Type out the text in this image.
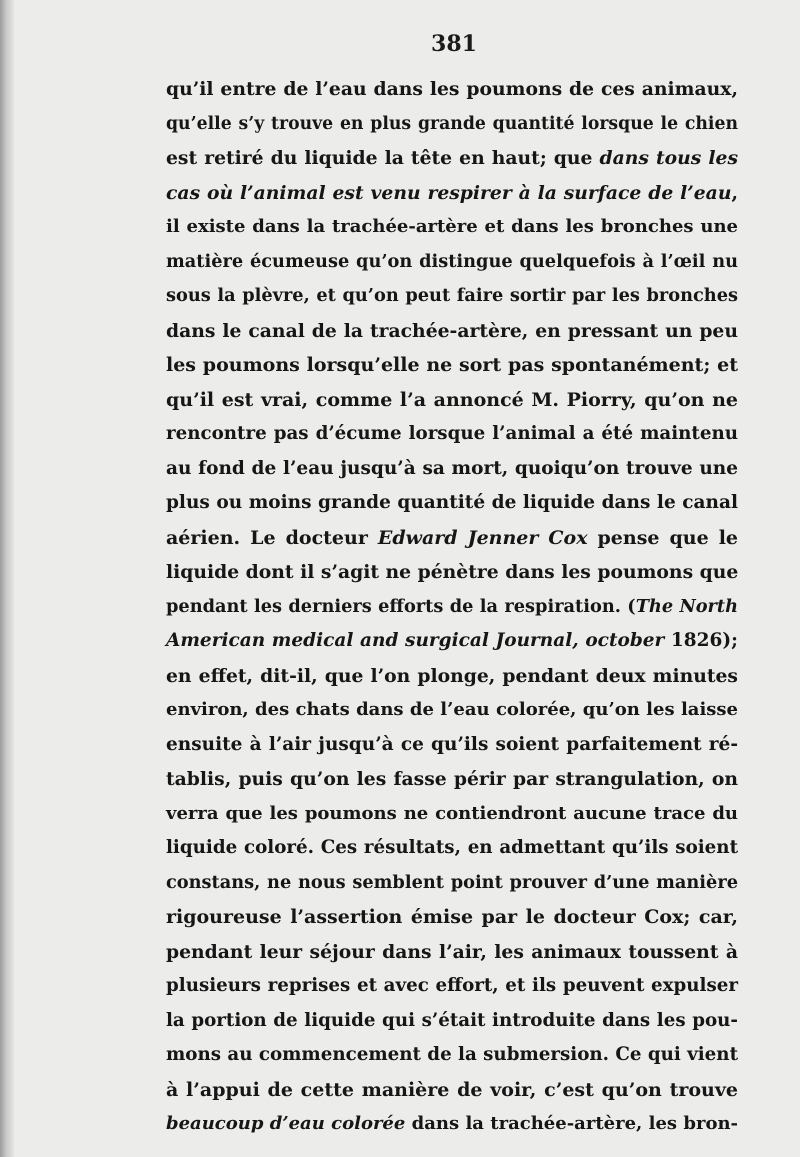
381
qu’il entre de l’eau dans les poumons de ces animaux,
qu’elle s’y trouve en plus grande quantité lorsque le chien
est retiré du liquide la tête en haut; que dans tous les
cas où l’animal est venu respirer à la surface de l’eau,
il existe dans la trachée-artère et dans les bronches une
matière écumeuse qu’on distingue quelquefois à l’œil nu
sous la plèvre, et qu’on peut faire sortir par les bronches
dans le canal de la trachée-artère, en pressant un peu
les poumons lorsqu’elle ne sort pas spontanément; et
qu’il est vrai, comme l’a annoncé M. Piorry, qu’on ne
rencontre pas d’écume lorsque l’animal a été maintenu
au fond de l’eau jusqu’à sa mort, quoiqu’on trouve une
plus ou moins grande quantité de liquide dans le canal
aérien. Le docteur Edward Jenner Cox pense que le
liquide dont il s’agit ne pénètre dans les poumons que
pendant les derniers efforts de la respiration. (The North
American medical and surgical Journal, october 1826);
en effet, dit-il, que l’on plonge, pendant deux minutes
environ, des chats dans de l’eau colorée, qu’on les laisse
ensuite à l’air jusqu’à ce qu’ils soient parfaitement ré-
tablis, puis qu’on les fasse périr par strangulation, on
verra que les poumons ne contiendront aucune trace du
liquide coloré. Ces résultats, en admettant qu’ils soient
constans, ne nous semblent point prouver d’une manière
rigoureuse l’assertion émise par le docteur Cox; car,
pendant leur séjour dans l’air, les animaux toussent à
plusieurs reprises et avec effort, et ils peuvent expulser
la portion de liquide qui s’était introduite dans les pou-
mons au commencement de la submersion. Ce qui vient
à l’appui de cette manière de voir, c’est qu’on trouve
beaucoup d’eau colorée dans la trachée-artère, les bron-
